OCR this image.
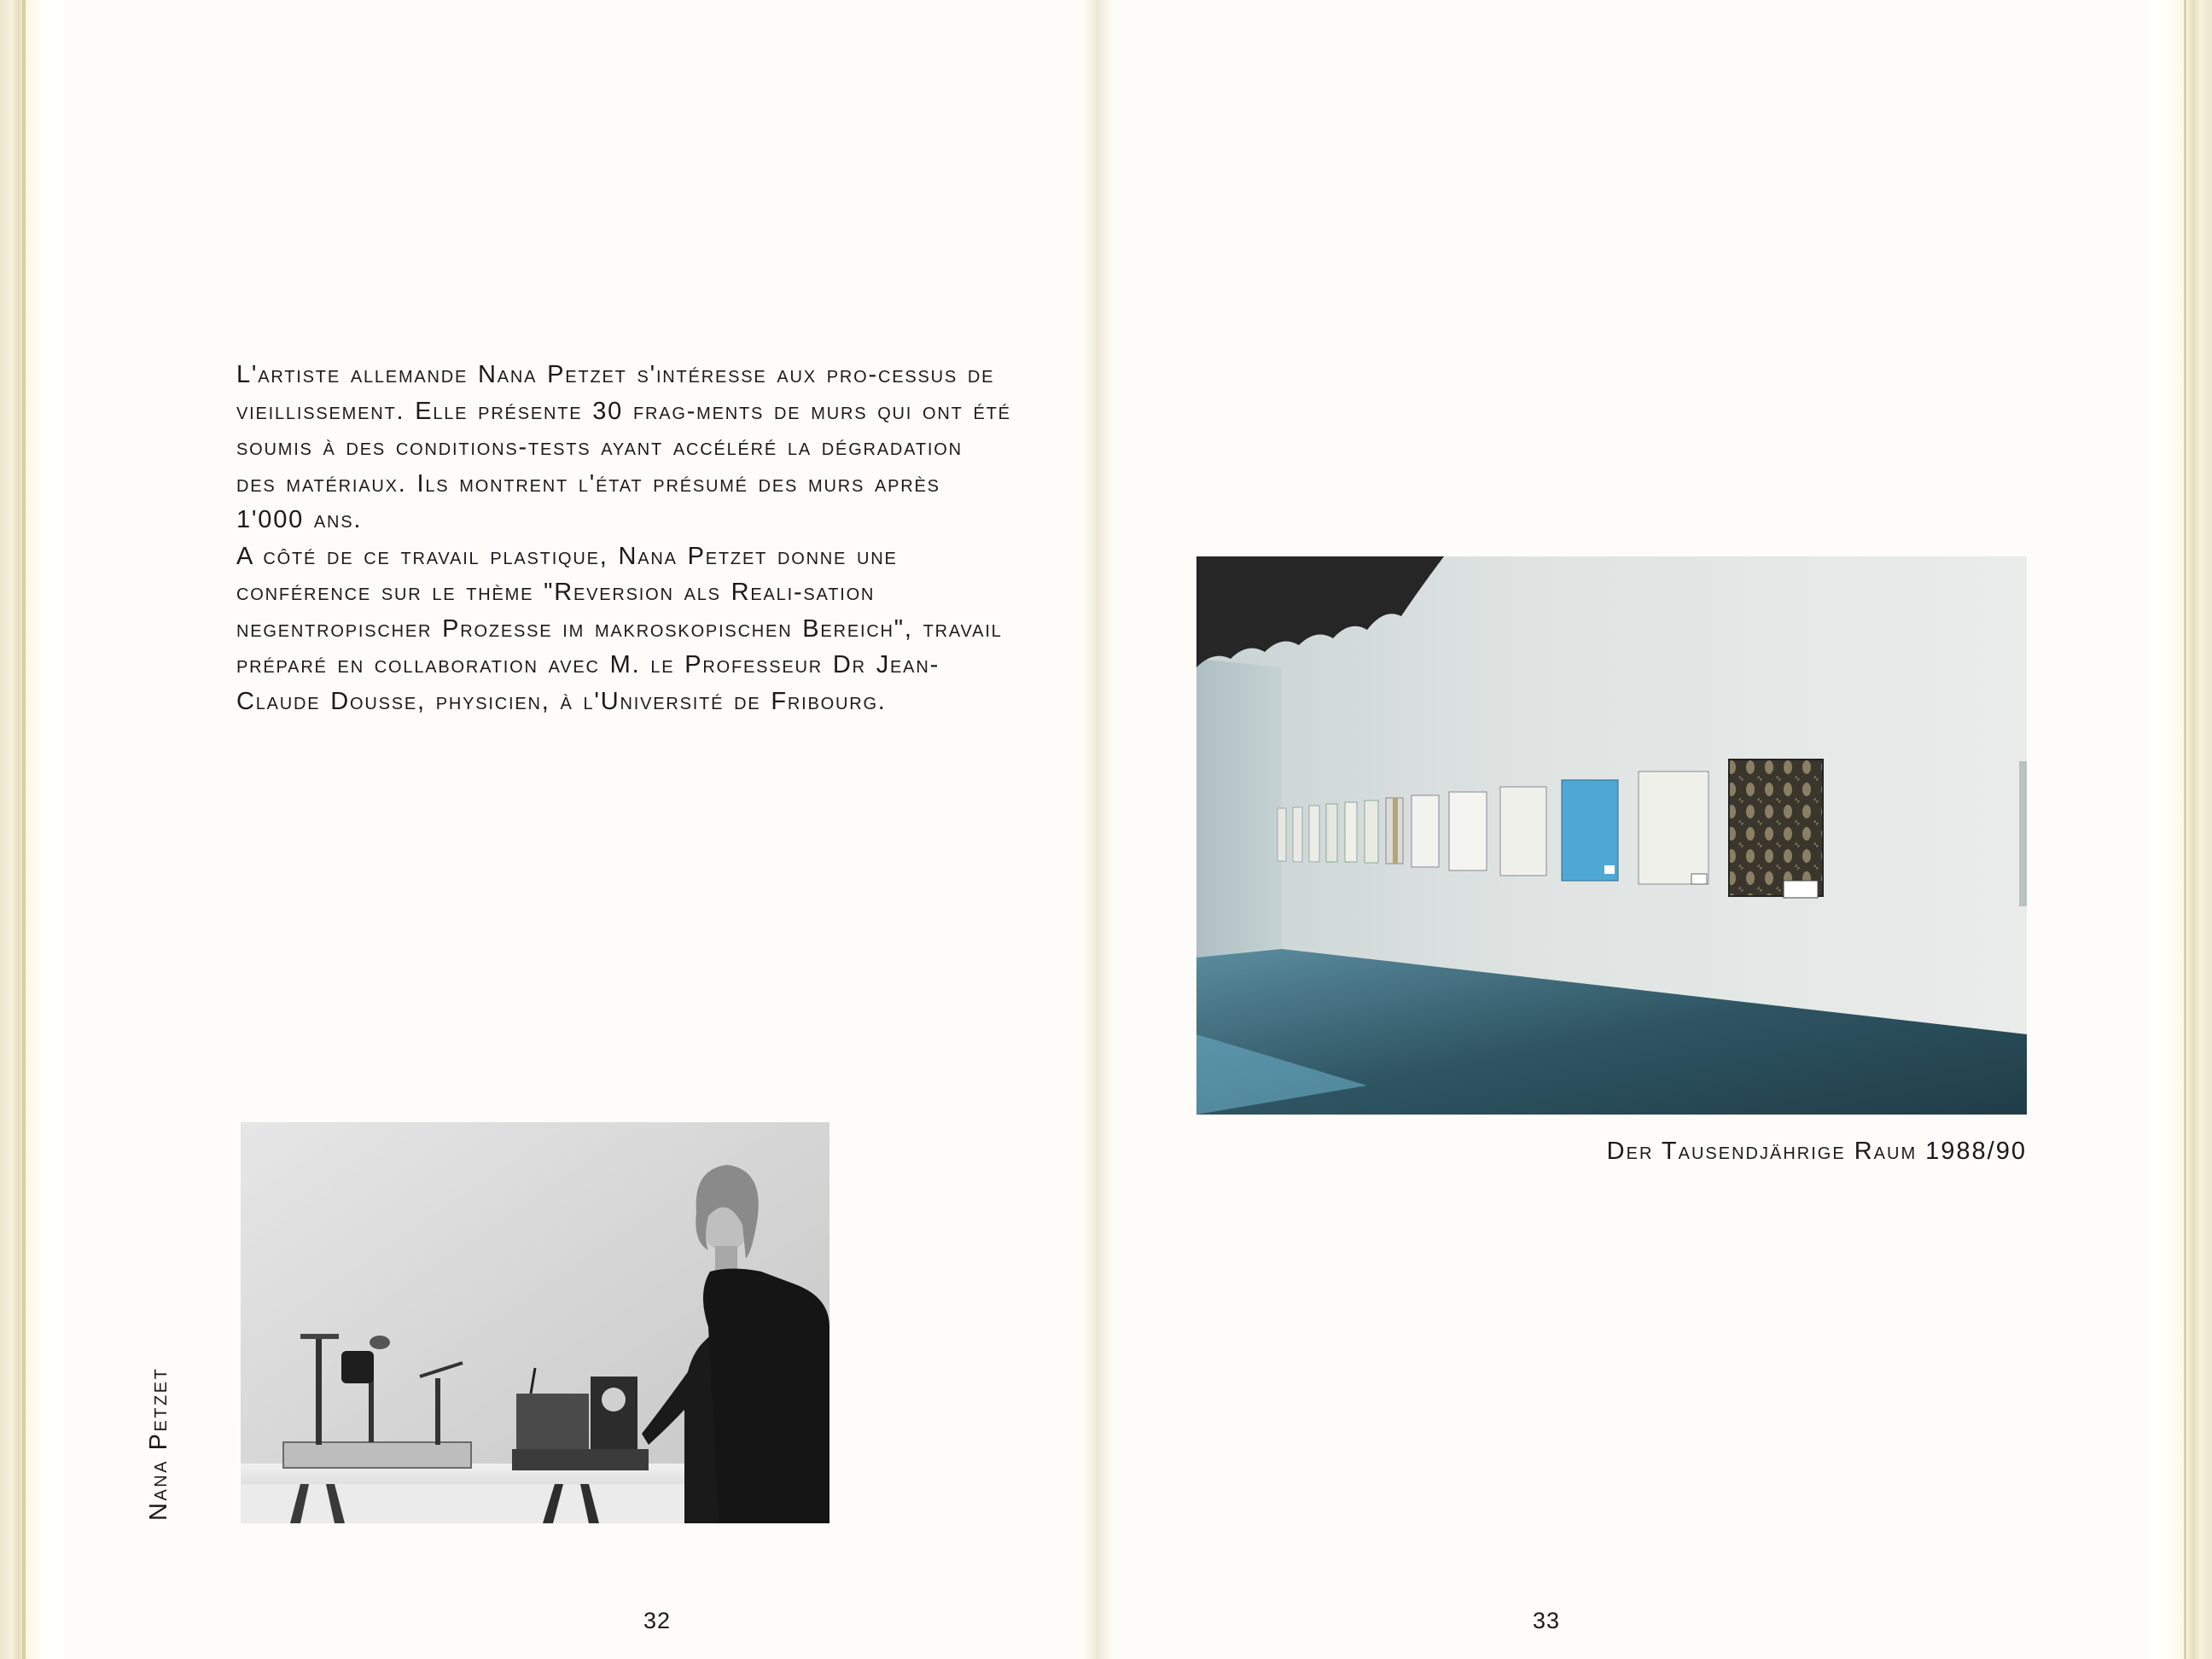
L'artiste allemande Nana Petzet s'intéresse aux pro-cessus de vieillissement. Elle présente 30 frag-ments de murs qui ont été soumis à des conditions-tests ayant accéléré la dégradation des matériaux. Ils montrent l'état présumé des murs après 1'000 ans.

A côté de ce travail plastique, Nana Petzet donne une conférence sur le thème "Reversion als Reali-sation negentropischer Prozesse im makroskopischen Bereich", travail préparé en collaboration avec M. le Professeur Dr Jean-Claude Dousse, physicien, à l'Université de Fribourg.

Nana Petzet
32
Der Tausendjährige Raum 1988/90
33
